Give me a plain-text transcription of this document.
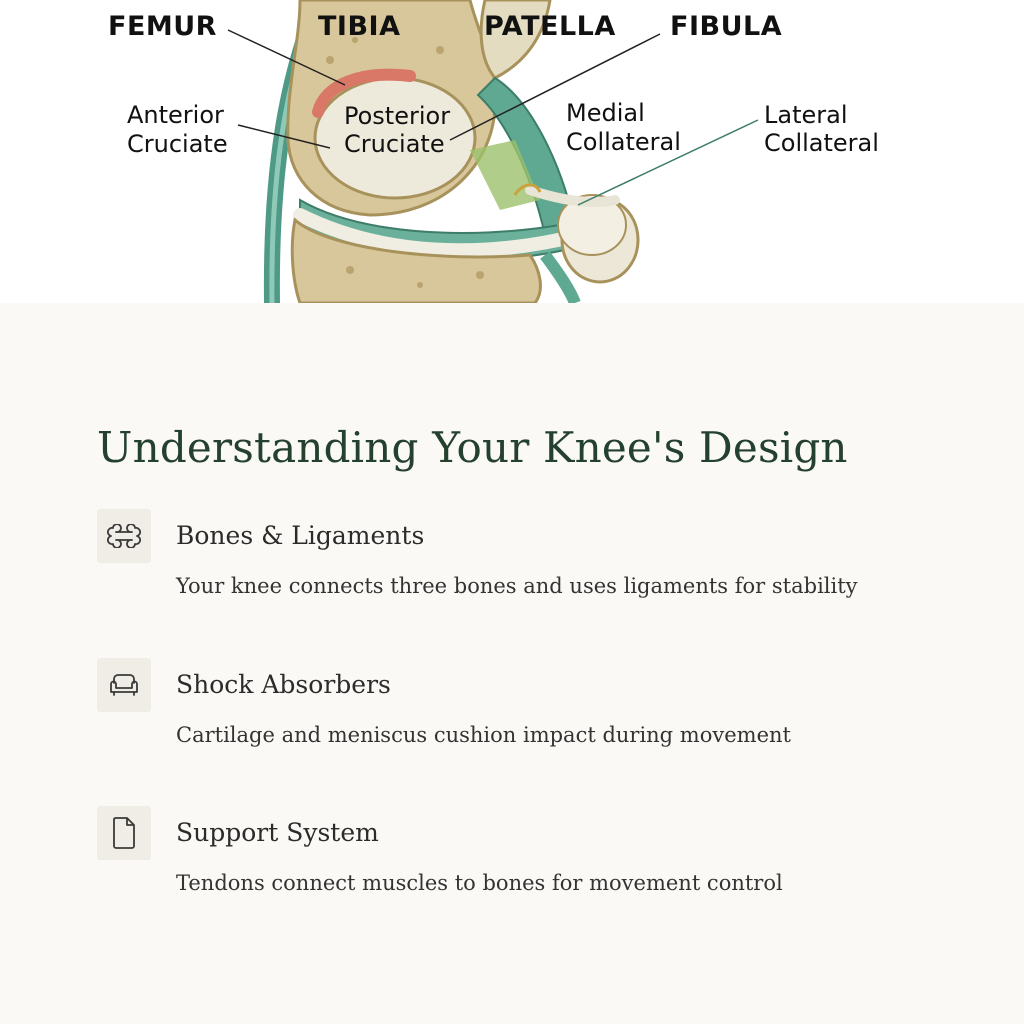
FEMUR	TIBIA	PATELLA FIBULA
Anterior
Cruciate
Posterior
Cruciate
Medial
Collateral
Lateral
Collateral
Understanding Your Knee's Design
Bones & Ligaments
Your knee connects three bones and uses ligaments for stability
Shock Absorbers
Cartilage and meniscus cushion impact during movement
Support System
Tendons connect muscles to bones for movement control
